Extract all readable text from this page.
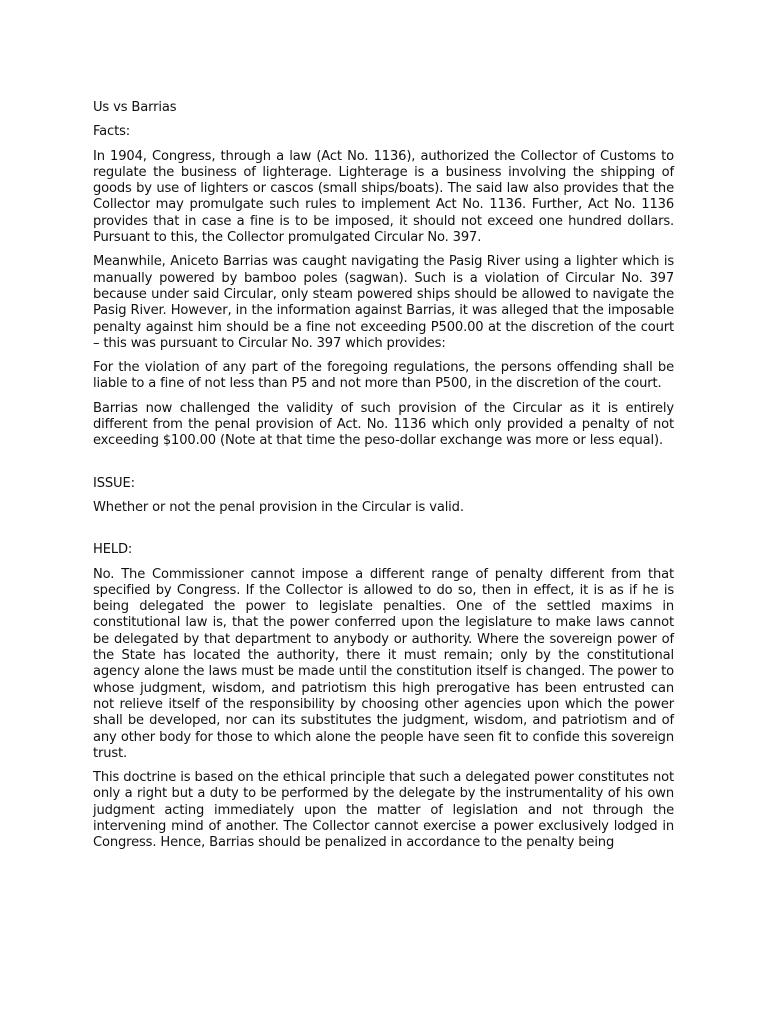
Us vs Barrias

Facts:

In 1904, Congress, through a law (Act No. 1136), authorized the Collector of Customs to regulate the business of lighterage. Lighterage is a business involving the shipping of goods by use of lighters or cascos (small ships/boats). The said law also provides that the Collector may promulgate such rules to implement Act No. 1136. Further, Act No. 1136 provides that in case a fine is to be imposed, it should not exceed one hundred dollars. Pursuant to this, the Collector promulgated Circular No. 397.

Meanwhile, Aniceto Barrias was caught navigating the Pasig River using a lighter which is manually powered by bamboo poles (sagwan). Such is a violation of Circular No. 397 because under said Circular, only steam powered ships should be allowed to navigate the Pasig River. However, in the information against Barrias, it was alleged that the imposable penalty against him should be a fine not exceeding P500.00 at the discretion of the court – this was pursuant to Circular No. 397 which provides:

For the violation of any part of the foregoing regulations, the persons offending shall be liable to a fine of not less than P5 and not more than P500, in the discretion of the court.

Barrias now challenged the validity of such provision of the Circular as it is entirely different from the penal provision of Act. No. 1136 which only provided a penalty of not exceeding $100.00 (Note at that time the peso-dollar exchange was more or less equal).

ISSUE:

Whether or not the penal provision in the Circular is valid.

HELD:

No. The Commissioner cannot impose a different range of penalty different from that specified by Congress. If the Collector is allowed to do so, then in effect, it is as if he is being delegated the power to legislate penalties. One of the settled maxims in constitutional law is, that the power conferred upon the legislature to make laws cannot be delegated by that department to anybody or authority. Where the sovereign power of the State has located the authority, there it must remain; only by the constitutional agency alone the laws must be made until the constitution itself is changed. The power to whose judgment, wisdom, and patriotism this high prerogative has been entrusted can not relieve itself of the responsibility by choosing other agencies upon which the power shall be developed, nor can its substitutes the judgment, wisdom, and patriotism and of any other body for those to which alone the people have seen fit to confide this sovereign trust.

This doctrine is based on the ethical principle that such a delegated power constitutes not only a right but a duty to be performed by the delegate by the instrumentality of his own judgment acting immediately upon the matter of legislation and not through the intervening mind of another. The Collector cannot exercise a power exclusively lodged in Congress. Hence, Barrias should be penalized in accordance to the penalty being
